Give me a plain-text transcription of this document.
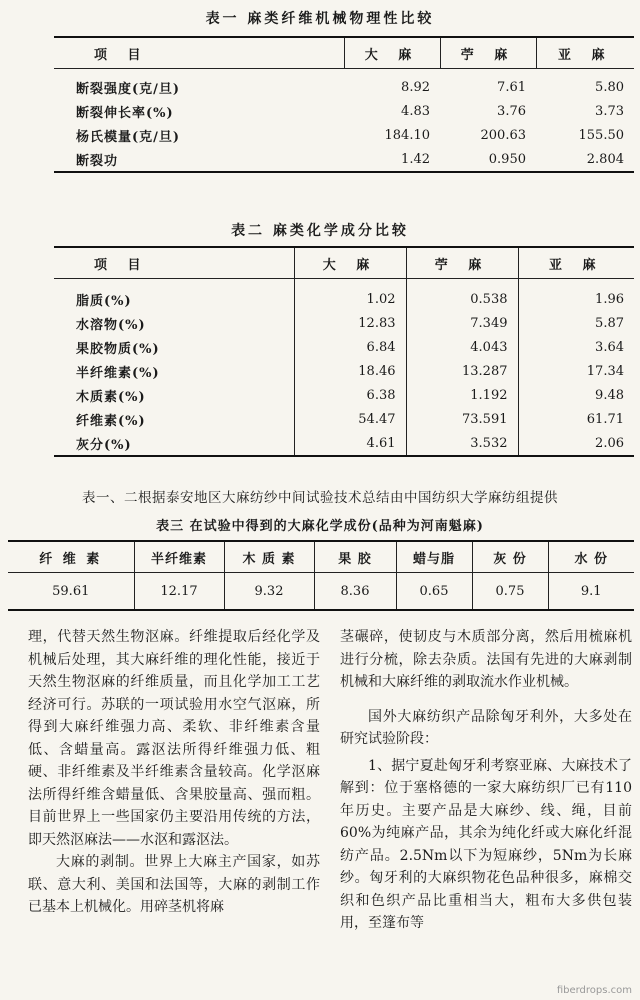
表一 麻类纤维机械物理性比较
项 目	大 麻	苧 麻	亚 麻
断裂强度(克/旦)	8.92	7.61	5.80
断裂伸长率(%)	4.83	3.76	3.73
杨氏模量(克/旦)	184.10	200.63	155.50
断裂功	1.42	0.950	2.804
表二 麻类化学成分比较
项 目	大 麻	苧 麻	亚 麻
脂质(%)	1.02	0.538	1.96
水溶物(%)	12.83	7.349	5.87
果胶物质(%)	6.84	4.043	3.64
半纤维素(%)	18.46	13.287	17.34
木质素(%)	6.38	1.192	9.48
纤维素(%)	54.47	73.591	61.71
灰分(%)	4.61	3.532	2.06
表一、二根据泰安地区大麻纺纱中间试验技术总结由中国纺织大学麻纺组提供
表三 在试验中得到的大麻化学成份(品种为河南魁麻)
纤 维 素	半纤维素	木 质 素	果 胶	蜡与脂	灰 份	水 份
59.61	12.17	9.32	8.36	0.65	0.75	9.1

理，代替天然生物沤麻。纤维提取后经化学及机械后处理，其大麻纤维的理化性能，接近于天然生物沤麻的纤维质量，而且化学加工工艺经济可行。苏联的一项试验用水空气沤麻，所得到大麻纤维强力高、柔软、非纤维素含量低、含蜡量高。露沤法所得纤维强力低、粗硬、非纤维素及半纤维素含量较高。化学沤麻法所得纤维含蜡量低、含果胶量高、强而粗。目前世界上一些国家仍主要沿用传统的方法，即天然沤麻法——水沤和露沤法。

大麻的剥制。世界上大麻主产国家，如苏联、意大利、美国和法国等，大麻的剥制工作已基本上机械化。用碎茎机将麻

茎碾碎，使韧皮与木质部分离，然后用梳麻机进行分梳，除去杂质。法国有先进的大麻剥制机械和大麻纤维的剥取流水作业机械。

国外大麻纺织产品除匈牙利外，大多处在研究试验阶段：

1、据宁夏赴匈牙利考察亚麻、大麻技术了解到：位于塞格德的一家大麻纺织厂已有110年历史。主要产品是大麻纱、线、绳，目前60%为纯麻产品，其余为纯化纤或大麻化纤混纺产品。2.5Nm以下为短麻纱，5Nm为长麻纱。匈牙利的大麻织物花色品种很多，麻棉交织和色织产品比重相当大，粗布大多供包装用，至篷布等

fiberdrops.com
